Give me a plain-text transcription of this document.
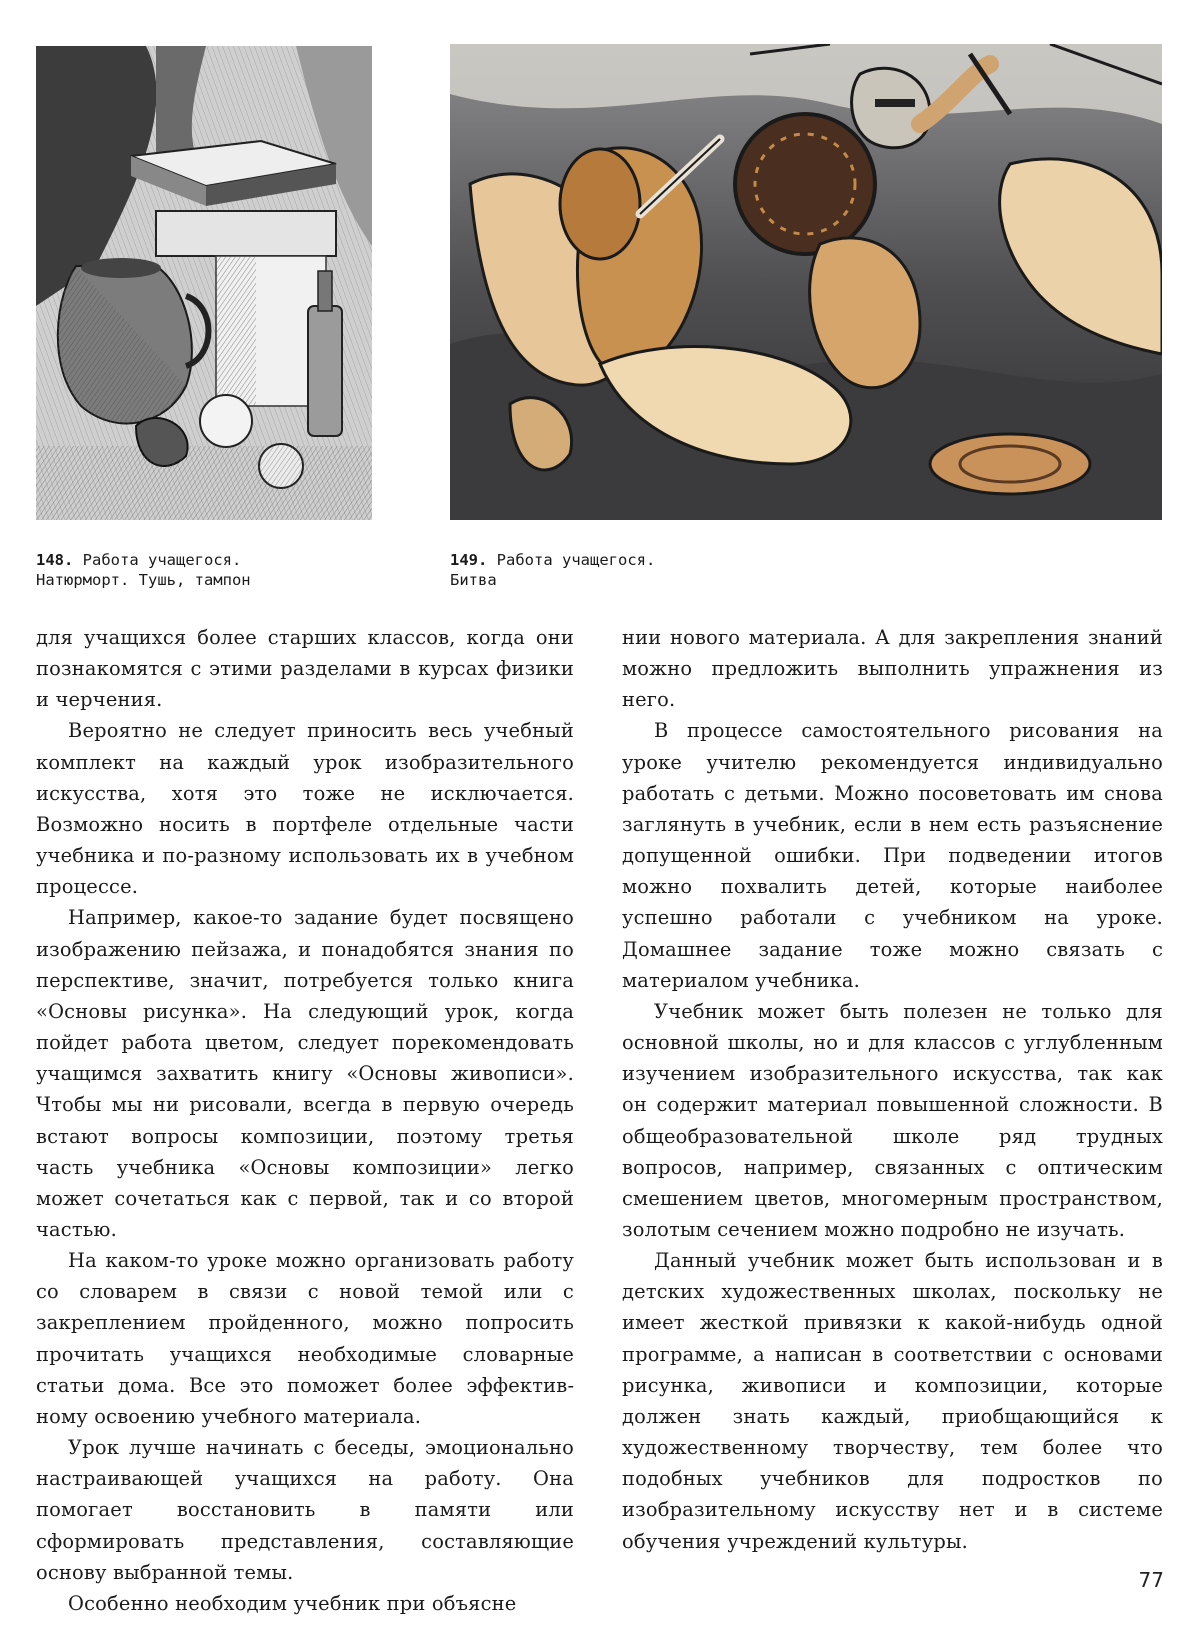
148. Работа учащегося.
Натюрморт. Тушь, тампон
149. Работа учащегося.
Битва

для учащихся более старших классов, когда они познакомятся с этими разделами в курсах физики и черчения.

Вероятно не следует приносить весь учебный комплект на каждый урок изобразительного искусства, хотя это тоже не исключается. Возможно носить в портфеле отдельные части учебника и по-разному использовать их в учебном процессе.

Например, какое-то задание будет посвящено изображению пейзажа, и понадобятся знания по перспективе, значит, потребуется только книга «Основы рисунка». На следующий урок, когда пойдет работа цветом, следует порекомендовать учащимся захватить книгу «Основы живописи». Чтобы мы ни рисовали, всегда в первую очередь встают вопросы композиции, поэтому третья часть учебника «Основы композиции» легко может сочетаться как с первой, так и со второй частью.

На каком-то уроке можно организовать работу со словарем в связи с новой темой или с закреплением пройденного, можно попросить прочитать учащихся необходимые словарные статьи дома. Все это поможет более эффективному освоению учебного материала.

Урок лучше начинать с беседы, эмоционально настраивающей учащихся на работу. Она помогает восстановить в памяти или сформировать представления, составляющие основу выбранной темы.

Особенно необходим учебник при объясне

нии нового материала. А для закрепления знаний можно предложить выполнить упражнения из него.

В процессе самостоятельного рисования на уроке учителю рекомендуется индивидуально работать с детьми. Можно посоветовать им снова заглянуть в учебник, если в нем есть разъяснение допущенной ошибки. При подведении итогов можно похвалить детей, которые наиболее успешно работали с учебником на уроке. Домашнее задание тоже можно связать с материалом учебника.

Учебник может быть полезен не только для основной школы, но и для классов с углубленным изучением изобразительного искусства, так как он содержит материал повышенной сложности. В общеобразовательной школе ряд трудных вопросов, например, связанных с оптическим смешением цветов, многомерным пространством, золотым сечением можно подробно не изучать.

Данный учебник может быть использован и в детских художественных школах, поскольку не имеет жесткой привязки к какой-нибудь одной программе, а написан в соответствии с основами рисунка, живописи и композиции, которые должен знать каждый, приобщающийся к художественному творчеству, тем более что подобных учебников для подростков по изобразительному искусству нет и в системе обучения учреждений культуры.

77
